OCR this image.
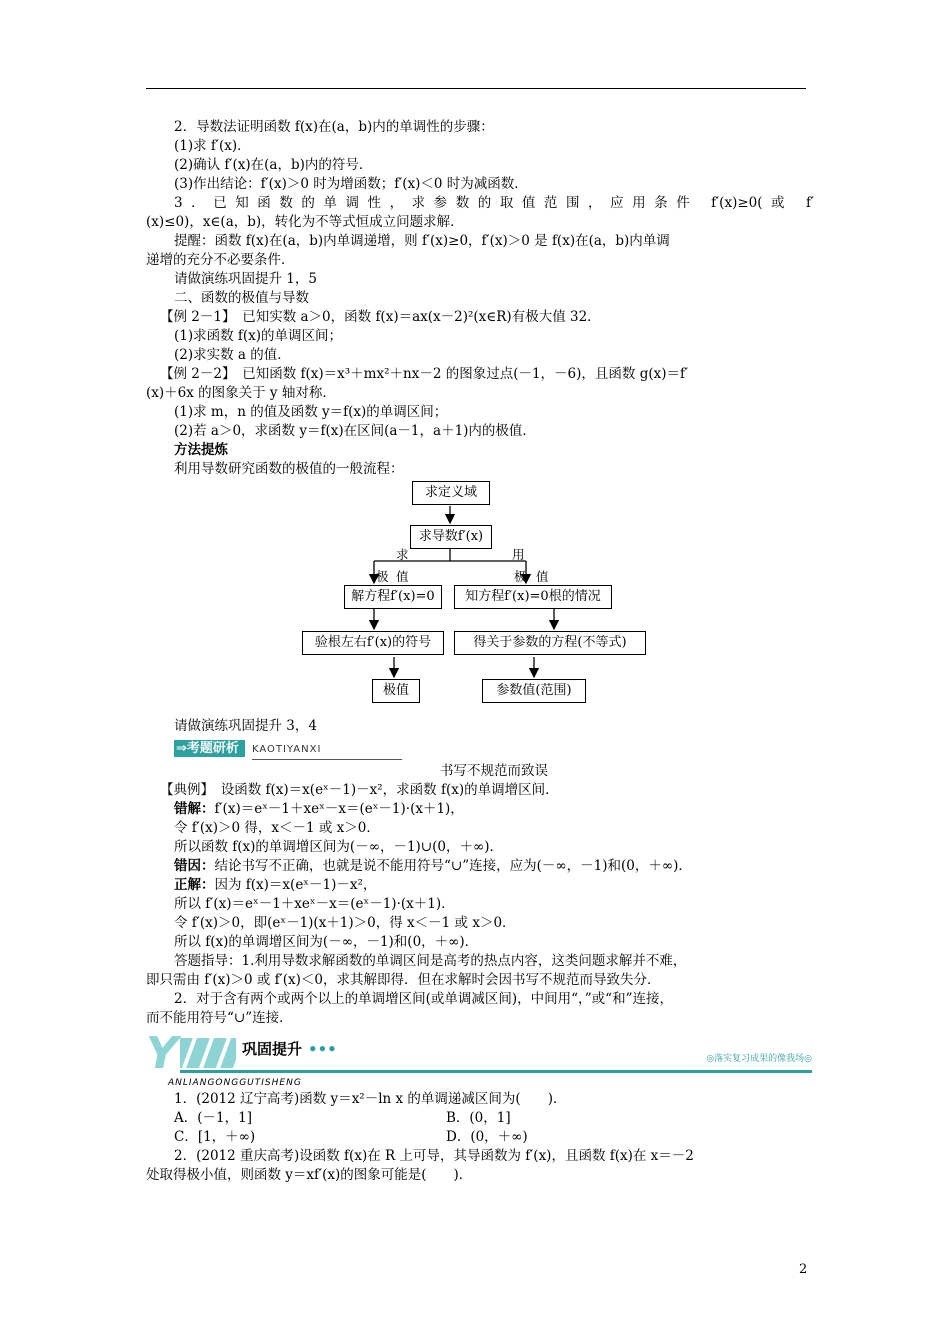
2．导数法证明函数 f(x)在(a，b)内的单调性的步骤：
(1)求 f′(x)．
(2)确认 f′(x)在(a，b)内的符号．
(3)作出结论：f′(x)＞0 时为增函数；f′(x)＜0 时为减函数．
3．已知函数的单调性，求参数的取值范围，应用条件 f′(x)≥0(或 f′
(x)≤0)，x∈(a，b)，转化为不等式恒成立问题求解．
提醒：函数 f(x)在(a，b)内单调递增，则 f′(x)≥0，f′(x)＞0 是 f(x)在(a，b)内单调
递增的充分不必要条件．
请做演练巩固提升 1，5
二、函数的极值与导数
【例 2－1】　已知实数 a＞0，函数 f(x)＝ax(x－2)²(x∈R)有极大值 32．
(1)求函数 f(x)的单调区间；
(2)求实数 a 的值．
【例 2－2】　已知函数 f(x)＝x³＋mx²＋nx－2 的图象过点(－1，－6)，且函数 g(x)＝f′
(x)＋6x 的图象关于 y 轴对称．
(1)求 m，n 的值及函数 y＝f(x)的单调区间；
(2)若 a＞0，求函数 y＝f(x)在区间(a－1，a＋1)内的极值．
方法提炼
利用导数研究函数的极值的一般流程：
求定义域
求导数f′(x)
解方程f′(x)=0	知方程f′(x)=0根的情况
验根左右f′(x)的符号	得关于参数的方程(不等式)
极值	参数值(范围)
求	用
极 值	极 值
请做演练巩固提升 3，4
⇒考题研析	KAOTIYANXI
书写不规范而致误
【典例】　设函数 f(x)＝x(eˣ－1)－x²，求函数 f(x)的单调增区间．
错解：f′(x)＝eˣ－1＋xeˣ－x＝(eˣ－1)·(x＋1)，
令 f′(x)＞0 得，x＜－1 或 x＞0．
所以函数 f(x)的单调增区间为(－∞，－1)∪(0，＋∞)．
错因：结论书写不正确，也就是说不能用符号“∪”连接，应为(－∞，－1)和(0，＋∞)．
正解：因为 f(x)＝x(eˣ－1)－x²，
所以 f′(x)＝eˣ－1＋xeˣ－x＝(eˣ－1)·(x＋1)．
令 f′(x)＞0，即(eˣ－1)(x＋1)＞0，得 x＜－1 或 x＞0．
所以 f(x)的单调增区间为(－∞，－1)和(0，＋∞)．
答题指导：1.利用导数求解函数的单调区间是高考的热点内容，这类问题求解并不难，
即只需由 f′(x)＞0 或 f′(x)＜0，求其解即得．但在求解时会因书写不规范而导致失分．
2．对于含有两个或两个以上的单调增区间(或单调减区间)，中间用“，”或“和”连接，
而不能用符号“∪”连接．
Y	巩固提升 •••
◎落实复习成果的像我场◎
ANLIANGONGGUTISHENG
1．(2012 辽宁高考)函数 y＝x²－ln x 的单调递减区间为(　　)．
A．(－1，1]	B．(0，1]
C．[1，＋∞)	D．(0，＋∞)
2．(2012 重庆高考)设函数 f(x)在 R 上可导，其导函数为 f′(x)，且函数 f(x)在 x＝－2
处取得极小值，则函数 y＝xf′(x)的图象可能是(　　)．
2
